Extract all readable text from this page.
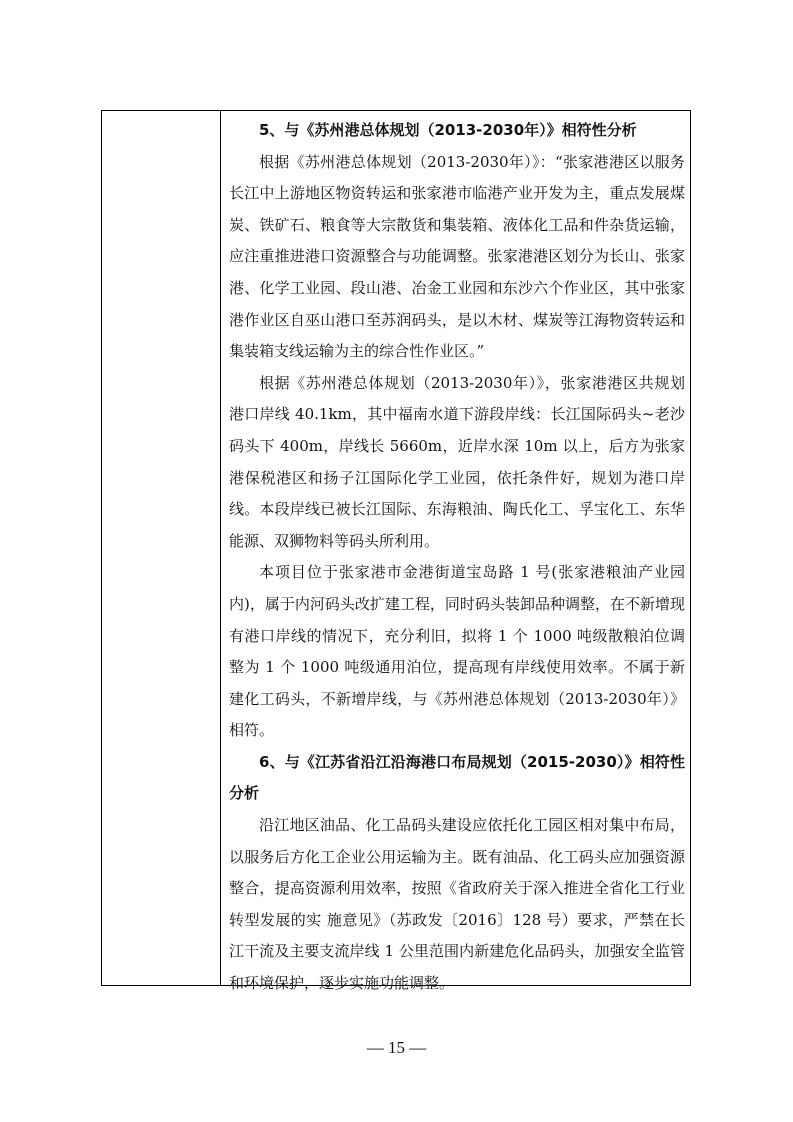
5、与《苏州港总体规划（2013-2030年）》相符性分析

根据《苏州港总体规划（2013-2030年）》：“张家港港区以服务长江中上游地区物资转运和张家港市临港产业开发为主，重点发展煤炭、铁矿石、粮食等大宗散货和集装箱、液体化工品和件杂货运输，应注重推进港口资源整合与功能调整。张家港港区划分为长山、张家港、化学工业园、段山港、冶金工业园和东沙六个作业区，其中张家港作业区自巫山港口至苏润码头，是以木材、煤炭等江海物资转运和集装箱支线运输为主的综合性作业区。”

根据《苏州港总体规划（2013-2030年）》，张家港港区共规划港口岸线 40.1km，其中福南水道下游段岸线：长江国际码头~老沙码头下 400m，岸线长 5660m，近岸水深 10m 以上，后方为张家港保税港区和扬子江国际化学工业园，依托条件好，规划为港口岸线。本段岸线已被长江国际、东海粮油、陶氏化工、孚宝化工、东华能源、双狮物料等码头所利用。

本项目位于张家港市金港街道宝岛路 1 号(张家港粮油产业园内)，属于内河码头改扩建工程，同时码头装卸品种调整，在不新增现有港口岸线的情况下，充分利旧，拟将 1 个 1000 吨级散粮泊位调整为 1 个 1000 吨级通用泊位，提高现有岸线使用效率。不属于新建化工码头，不新增岸线，与《苏州港总体规划（2013-2030年）》相符。

6、与《江苏省沿江沿海港口布局规划（2015-2030）》相符性分析

沿江地区油品、化工品码头建设应依托化工园区相对集中布局，以服务后方化工企业公用运输为主。既有油品、化工码头应加强资源整合，提高资源利用效率，按照《省政府关于深入推进全省化工行业转型发展的实 施意见》（苏政发〔2016〕128 号）要求，严禁在长江干流及主要支流岸线 1 公里范围内新建危化品码头，加强安全监管和环境保护，逐步实施功能调整。

— 15 —
